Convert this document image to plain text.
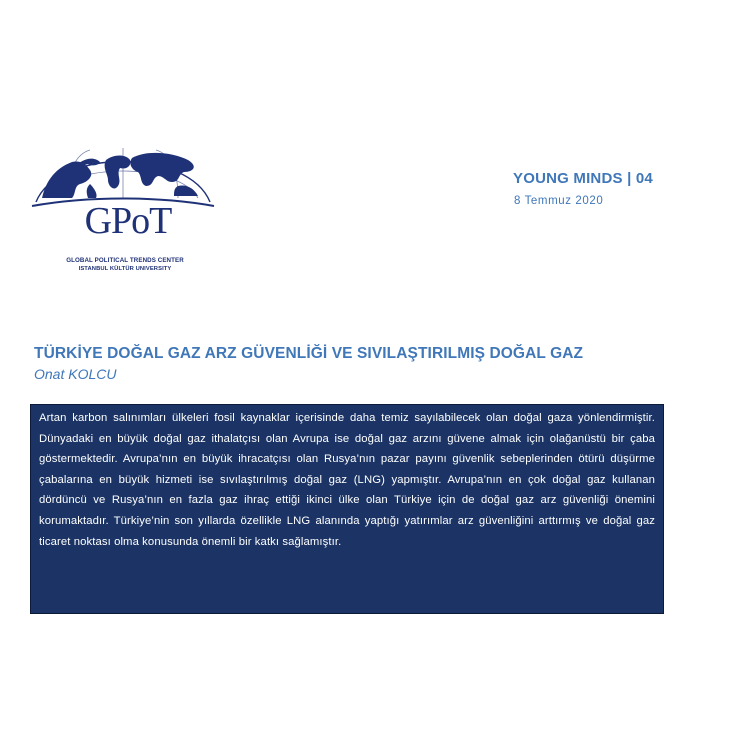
GPoT
GLOBAL POLITICAL TRENDS CENTER
ISTANBUL KÜLTÜR UNIVERSITY
YOUNG MINDS | 04
8 Temmuz 2020
TÜRKİYE DOĞAL GAZ ARZ GÜVENLİĞİ VE SIVILAŞTIRILMIŞ DOĞAL GAZ
Onat KOLCU

Artan karbon salınımları ülkeleri fosil kaynaklar içerisinde daha temiz sayılabilecek olan doğal gaza yönlendirmiştir. Dünyadaki en büyük doğal gaz ithalatçısı olan Avrupa ise doğal gaz arzını güvene almak için olağanüstü bir çaba göstermektedir. Avrupa’nın en büyük ihracatçısı olan Rusya’nın pazar payını güvenlik sebeplerinden ötürü düşürme çabalarına en büyük hizmeti ise sıvılaştırılmış doğal gaz (LNG) yapmıştır. Avrupa’nın en çok doğal gaz kullanan dördüncü ve Rusya’nın en fazla gaz ihraç ettiği ikinci ülke olan Türkiye için de doğal gaz arz güvenliği önemini korumaktadır. Türkiye’nin son yıllarda özellikle LNG alanında yaptığı yatırımlar arz güvenliğini arttırmış ve doğal gaz ticaret noktası olma konusunda önemli bir katkı sağlamıştır.
